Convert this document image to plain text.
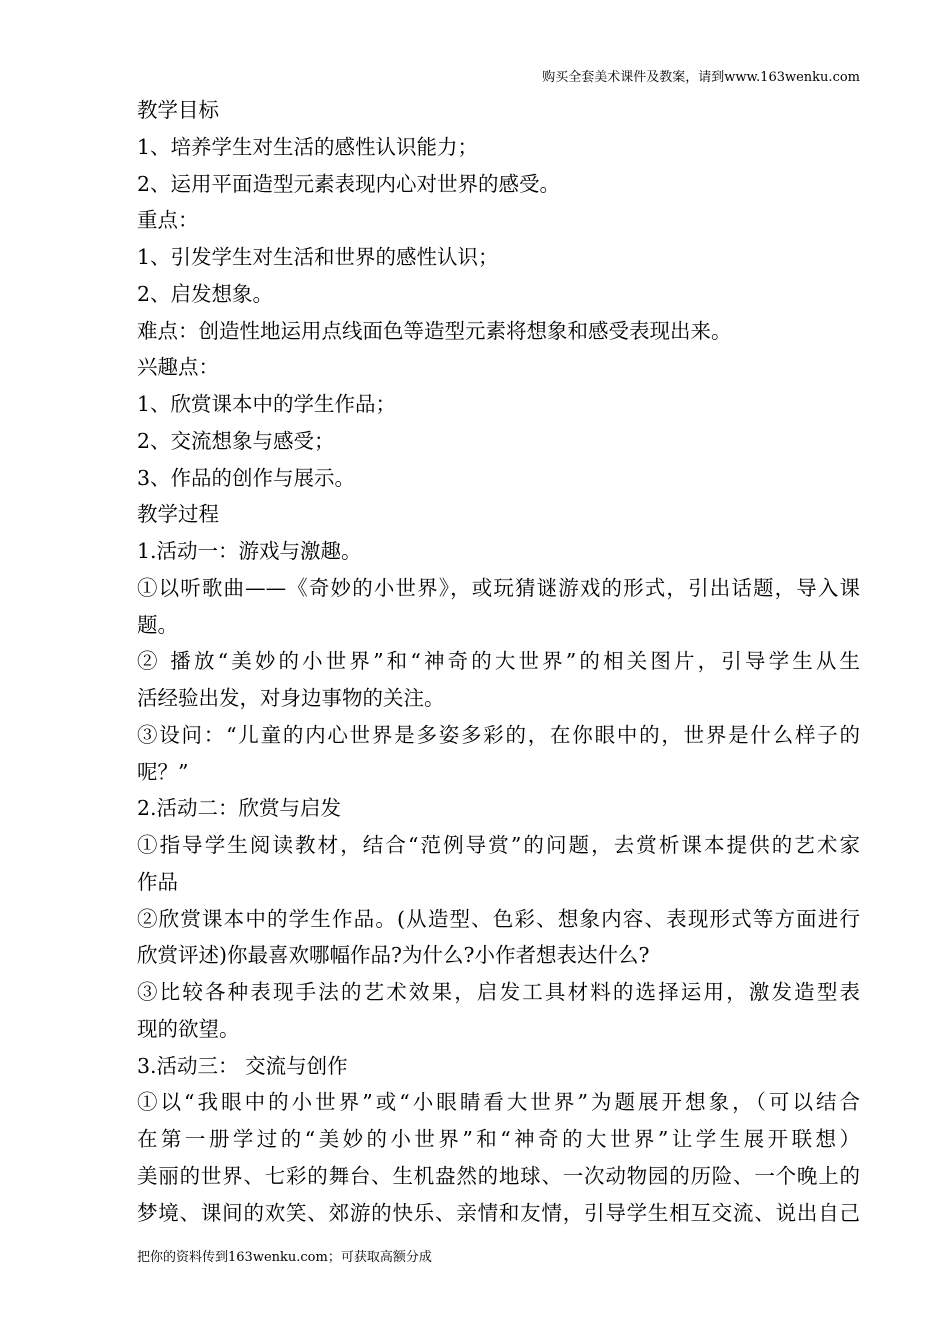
购买全套美术课件及教案，请到www.163wenku.com
教学目标
1、培养学生对生活的感性认识能力；
2、运用平面造型元素表现内心对世界的感受。
重点：
1、引发学生对生活和世界的感性认识；
2、启发想象。
难点：创造性地运用点线面色等造型元素将想象和感受表现出来。
兴趣点：
1、欣赏课本中的学生作品；
2、交流想象与感受；
3、作品的创作与展示。
教学过程
1.活动一：游戏与激趣。
①以听歌曲——《奇妙的小世界》，或玩猜谜游戏的形式，引出话题，导入课
题。
② 播放“美妙的小世界”和“神奇的大世界”的相关图片，引导学生从生
活经验出发，对身边事物的关注。
③设问：“儿童的内心世界是多姿多彩的，在你眼中的，世界是什么样子的
呢？”
2.活动二：欣赏与启发
①指导学生阅读教材，结合“范例导赏”的问题，去赏析课本提供的艺术家
作品
②欣赏课本中的学生作品。(从造型、色彩、想象内容、表现形式等方面进行
欣赏评述)你最喜欢哪幅作品?为什么?小作者想表达什么?
③比较各种表现手法的艺术效果，启发工具材料的选择运用，激发造型表
现的欲望。
3.活动三： 交流与创作
①以“我眼中的小世界”或“小眼睛看大世界”为题展开想象，（可以结合
在第一册学过的“美妙的小世界”和“神奇的大世界”让学生展开联想）
美丽的世界、七彩的舞台、生机盎然的地球、一次动物园的历险、一个晚上的
梦境、课间的欢笑、郊游的快乐、亲情和友情，引导学生相互交流、说出自己
把你的资料传到163wenku.com；可获取高额分成
